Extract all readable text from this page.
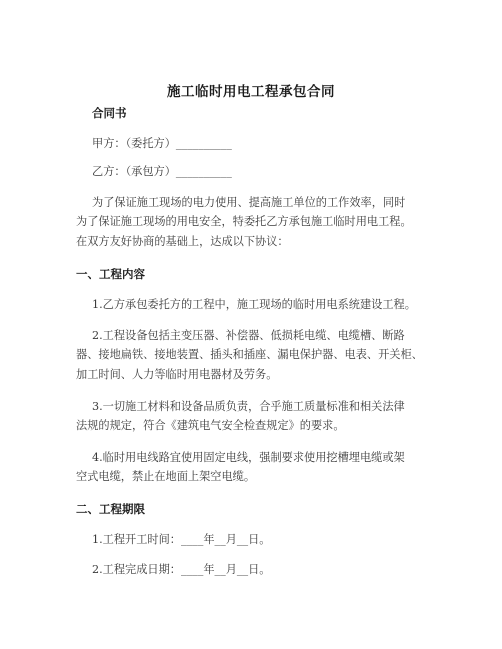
施工临时用电工程承包合同
合同书
甲方：（委托方）__________
乙方：（承包方）__________
为了保证施工现场的电力使用、提高施工单位的工作效率，同时
为了保证施工现场的用电安全，特委托乙方承包施工临时用电工程。
在双方友好协商的基础上，达成以下协议：
一、工程内容
1.乙方承包委托方的工程中，施工现场的临时用电系统建设工程。
2.工程设备包括主变压器、补偿器、低损耗电缆、电缆槽、断路
器、接地扁铁、接地装置、插头和插座、漏电保护器、电表、开关柜、
加工时间、人力等临时用电器材及劳务。
3.一切施工材料和设备品质负责，合乎施工质量标准和相关法律
法规的规定，符合《建筑电气安全检查规定》的要求。
4.临时用电线路宜使用固定电线，强制要求使用挖槽埋电缆或架
空式电缆，禁止在地面上架空电缆。
二、工程期限
1.工程开工时间：____年__月__日。
2.工程完成日期：____年__月__日。
